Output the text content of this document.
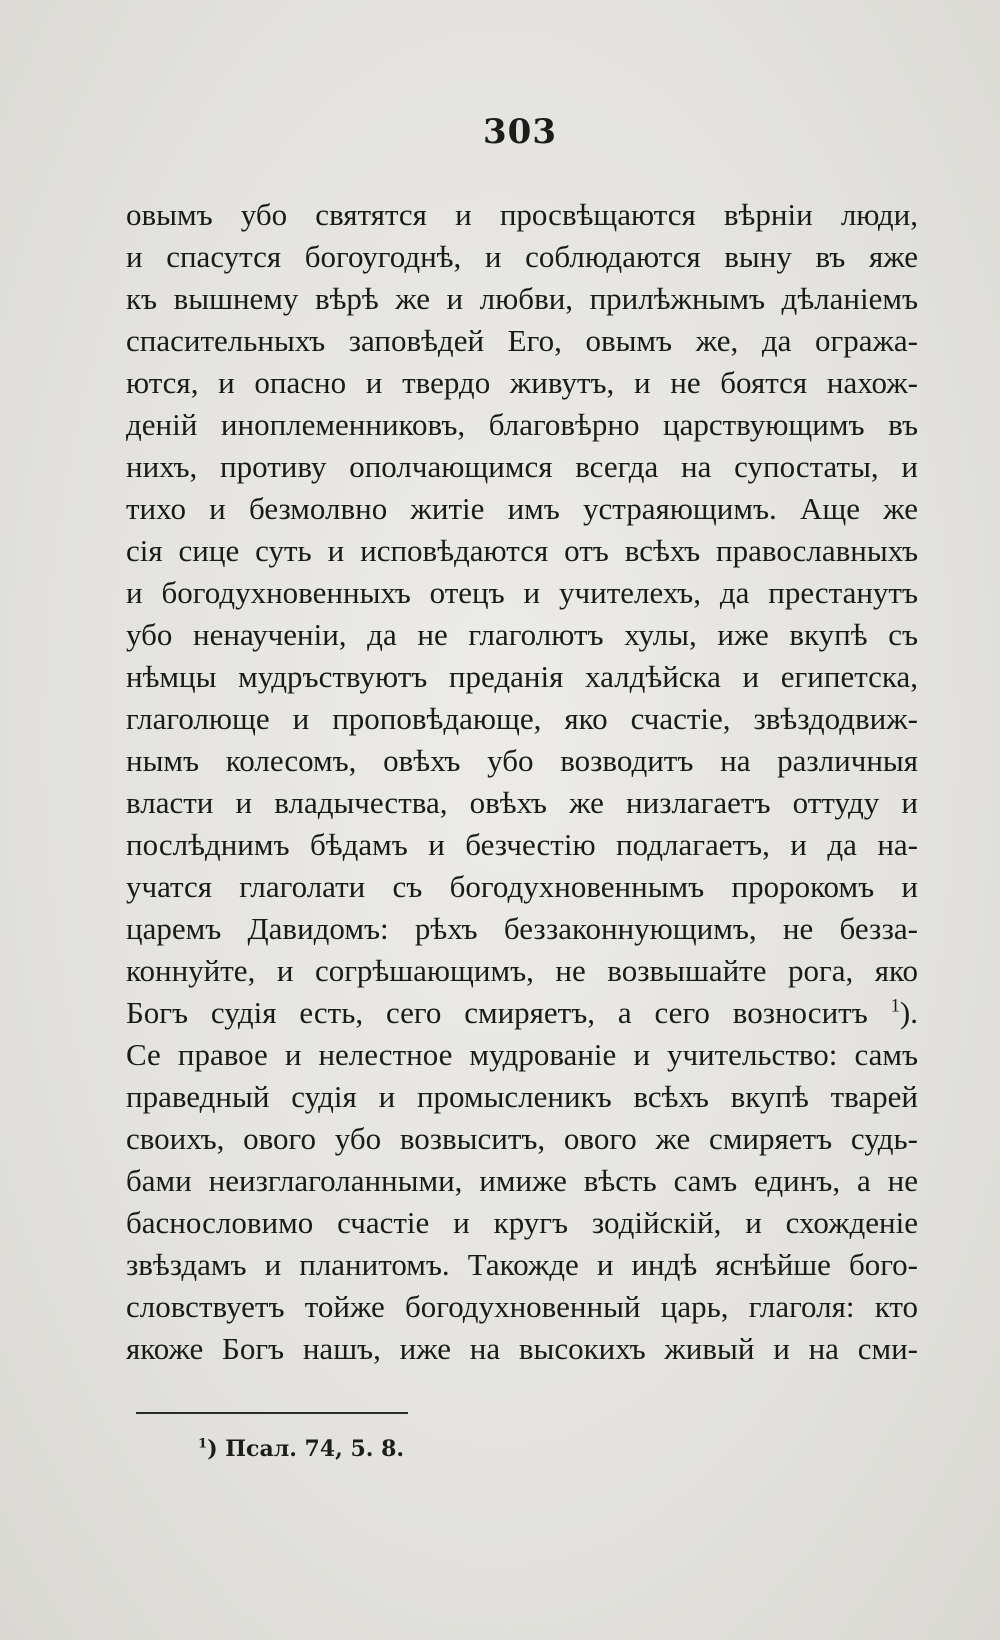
303
овымъ убо святятся и просвѣщаются вѣрніи люди,
и спасутся богоугоднѣ, и соблюдаются выну въ яже
къ вышнему вѣрѣ же и любви, прилѣжнымъ дѣланіемъ
спасительныхъ заповѣдей Его, овымъ же, да огража-
ются, и опасно и твердо живутъ, и не боятся нахож-
деній иноплеменниковъ, благовѣрно царствующимъ въ
нихъ, противу ополчающимся всегда на супостаты, и
тихо и безмолвно житіе имъ устраяющимъ. Аще же
сія сице суть и исповѣдаются отъ всѣхъ православныхъ
и богодухновенныхъ отецъ и учителехъ, да престанутъ
убо ненаученіи, да не глаголютъ хулы, иже вкупѣ съ
нѣмцы мудръствуютъ преданія халдѣйска и египетска,
глаголюще и проповѣдающе, яко счастіе, звѣздодвиж-
нымъ колесомъ, овѣхъ убо возводитъ на различныя
власти и владычества, овѣхъ же низлагаетъ оттуду и
послѣднимъ бѣдамъ и безчестію подлагаетъ, и да на-
учатся глаголати съ богодухновеннымъ пророкомъ и
царемъ Давидомъ: рѣхъ беззаконнующимъ, не безза-
коннуйте, и согрѣшающимъ, не возвышайте рога, яко
Богъ судія есть, сего смиряетъ, а сего возноситъ $^1$).
Се правое и нелестное мудрованіе и учительство: самъ
праведный судія и промысленикъ всѣхъ вкупѣ тварей
своихъ, ового убо возвыситъ, ового же смиряетъ судь-
бами неизглаголанными, имиже вѣсть самъ единъ, а не
баснословимо счастіе и кругъ зодійскій, и схожденіе
звѣздамъ и планитомъ. Такожде и индѣ яснѣйше бого-
словствуетъ тойже богодухновенный царь, глаголя: кто
якоже Богъ нашъ, иже на высокихъ живый и на сми-
$^1$) Псал. 74, 5. 8.
